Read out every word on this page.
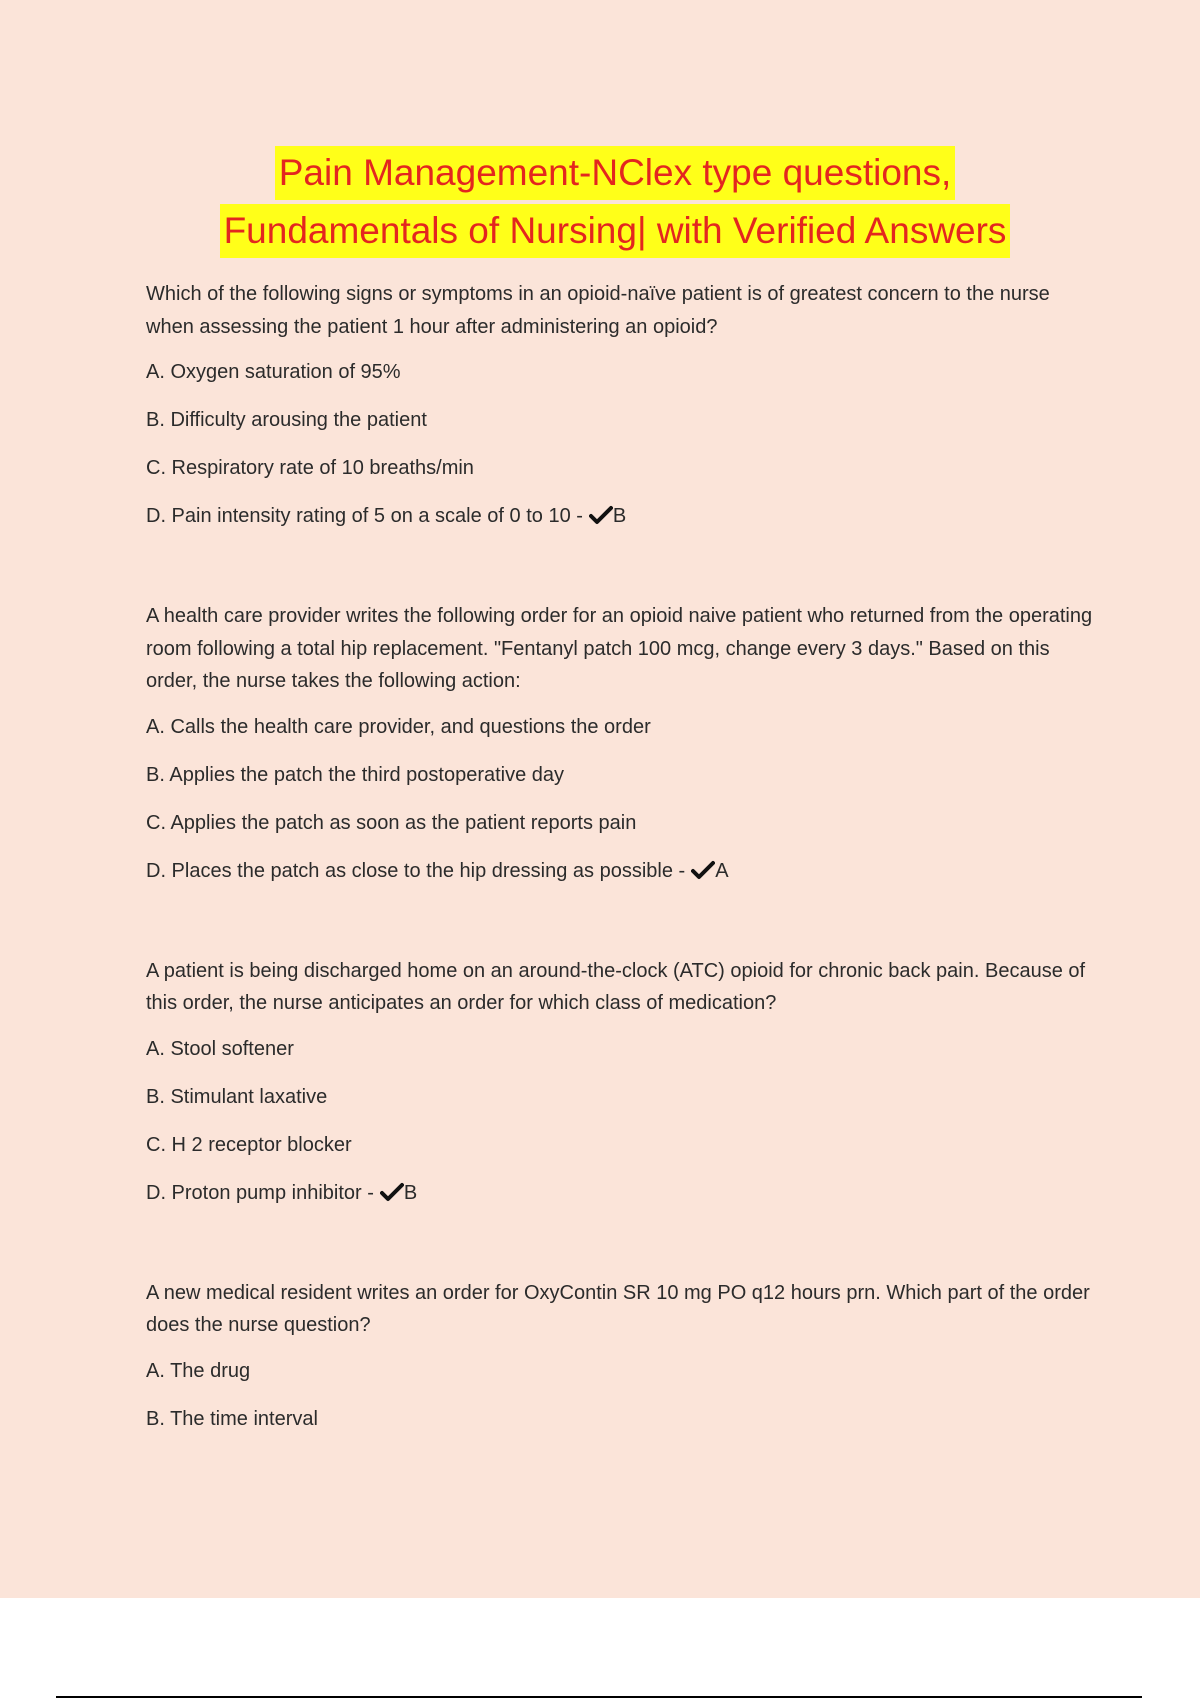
Pain Management-NClex type questions,
Fundamentals of Nursing| with Verified Answers

Which of the following signs or symptoms in an opioid-naïve patient is of greatest concern to the nurse when assessing the patient 1 hour after administering an opioid?

A. Oxygen saturation of 95%

B. Difficulty arousing the patient

C. Respiratory rate of 10 breaths/min

D. Pain intensity rating of 5 on a scale of 0 to 10 - B

A health care provider writes the following order for an opioid naive patient who returned from the operating room following a total hip replacement. "Fentanyl patch 100 mcg, change every 3 days." Based on this order, the nurse takes the following action:

A. Calls the health care provider, and questions the order

B. Applies the patch the third postoperative day

C. Applies the patch as soon as the patient reports pain

D. Places the patch as close to the hip dressing as possible - A

A patient is being discharged home on an around-the-clock (ATC) opioid for chronic back pain. Because of this order, the nurse anticipates an order for which class of medication?

A. Stool softener

B. Stimulant laxative

C. H 2 receptor blocker

D. Proton pump inhibitor - B

A new medical resident writes an order for OxyContin SR 10 mg PO q12 hours prn. Which part of the order does the nurse question?

A. The drug

B. The time interval
